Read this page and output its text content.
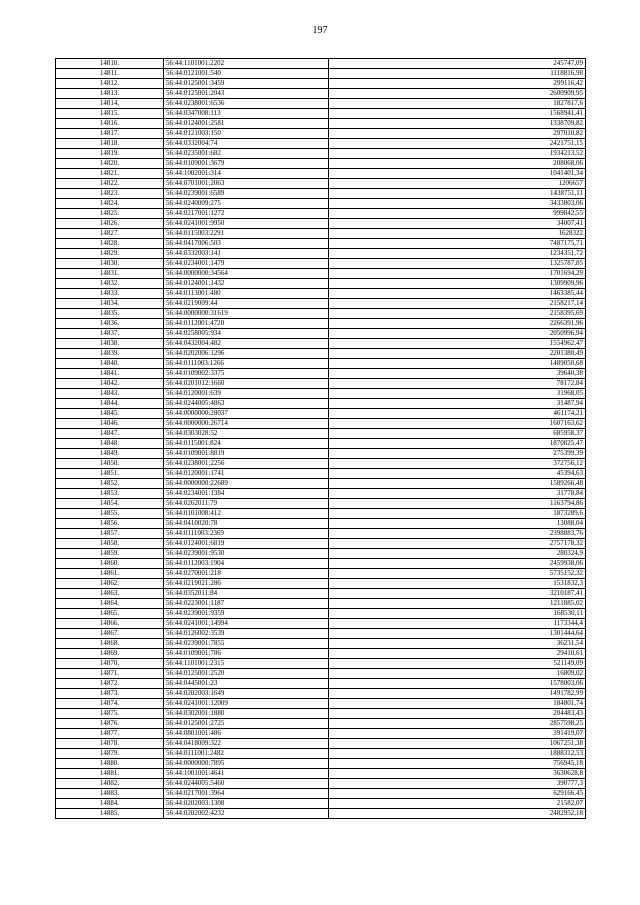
197
14810.	56:44:1101001:2202	245747,09
14811.	56:44:0121001:540	1118816,98
14812.	56:44:0125001:3459	299116,42
14813.	56:44:0125001:2043	2600909,95
14814.	56:44:0238001:6536	1827817,6
14815.	56:44:0347008:113	1568941,41
14816.	56:44:0124001:2581	1338709,82
14817.	56:44:0121003:150	297010,82
14818.	56:44:0332004:74	2421751,15
14819.	56:44:0235001:682	1934213,52
14820.	56:44:0109001:3679	208068,06
14821.	56:44:1002001:314	1041401,34
14822.	56:44:0701001:2063	1206657
14823.	56:44:0239001:6589	1438751,11
14824.	56:44:0240009:275	3433803,06
14825.	56:44:0217001:1272	999842,55
14826.	56:44:0241001:9950	34007,41
14827.	56:44:0115003:2291	1628322
14828.	56:44:0417006:503	7487175,71
14829.	56:44:0332003:141	1234351,72
14830.	56:44:0234001:1479	1325787,85
14831.	56:44:0000000:34564	1701694,29
14832.	56:44:0124001:1432	1309909,96
14833.	56:44:0113001:480	1463385,44
14834.	56:44:0219009:44	2158217,14
14835.	56:44:0000000:31619	2158395,69
14836.	56:44:0112001:4720	2266391,96
14837.	56:44:0258005:934	2050996,94
14838.	56:44:0432004:482	1554962,47
14839.	56:44:0202006:1296	2201380,49
14840.	56:44:0111003:1266	1489050,68
14841.	56:44:0109002:3375	39640,38
14842.	56:44:0201012:1660	78172,84
14843.	56:44:0120001:639	31968,05
14844.	56:44:0244005:4863	31487,94
14845.	56:44:0000000:28037	461174,21
14846.	56:44:0000000:26714	1607163,62
14847.	56:44:0303028:52	685958,37
14848.	56:44:0115001:824	1870825,47
14849.	56:44:0109001:8819	275399,39
14850.	56:44:0238001:2256	372756,12
14851.	56:44:0120001:1741	45394,63
14852.	56:44:0000000:22689	1589266,48
14853.	56:44:0234001:1384	31778,84
14854.	56:44:0262011:79	1163794,86
14855.	56:44:0101008:412	1873289,6
14856.	56:44:0410020:78	13088,04
14857.	56:44:0111003:2369	2398883,76
14858.	56:44:0124001:6819	2757178,32
14859.	56:44:0239001:9530	280324,9
14860.	56:44:0112003:1904	2459938,06
14861.	56:44:0270001:218	5735152,32
14862.	56:44:0219021:286	1531832,3
14863.	56:44:0352011:84	3210187,41
14864.	56:44:0223001:1187	1211885,02
14865.	56:44:0239001:9359	168530,11
14866.	56:44:0241001:14994	1173344,4
14867.	56:44:0126002:3539	1301444,64
14868.	56:44:0239001:7855	36231,54
14869.	56:44:0109001:786	29410,61
14870.	56:44:1101001:2315	521149,09
14871.	56:44:0125001:2520	16809,02
14872.	56:44:0445001:23	1578003,06
14873.	56:44:0202003:1649	1491782,99
14874.	56:44:0241001:12009	184801,74
14875.	56:44:0302001:1880	204483,43
14876.	56:44:0125001:2725	2857598,25
14877.	56:44:0801001:486	391419,07
14878.	56:44:0418009:322	1067251,38
14879.	56:44:0111001:2482	1888312,53
14880.	56:44:0000000:7895	756945,18
14881.	56:44:1001001:4641	3630628,8
14882.	56:44:0244005:5460	390777,3
14883.	56:44:0217001:3964	629166,45
14884.	56:44:0202003:1308	21582,07
14885.	56:44:0202002:4232	2482952,18
